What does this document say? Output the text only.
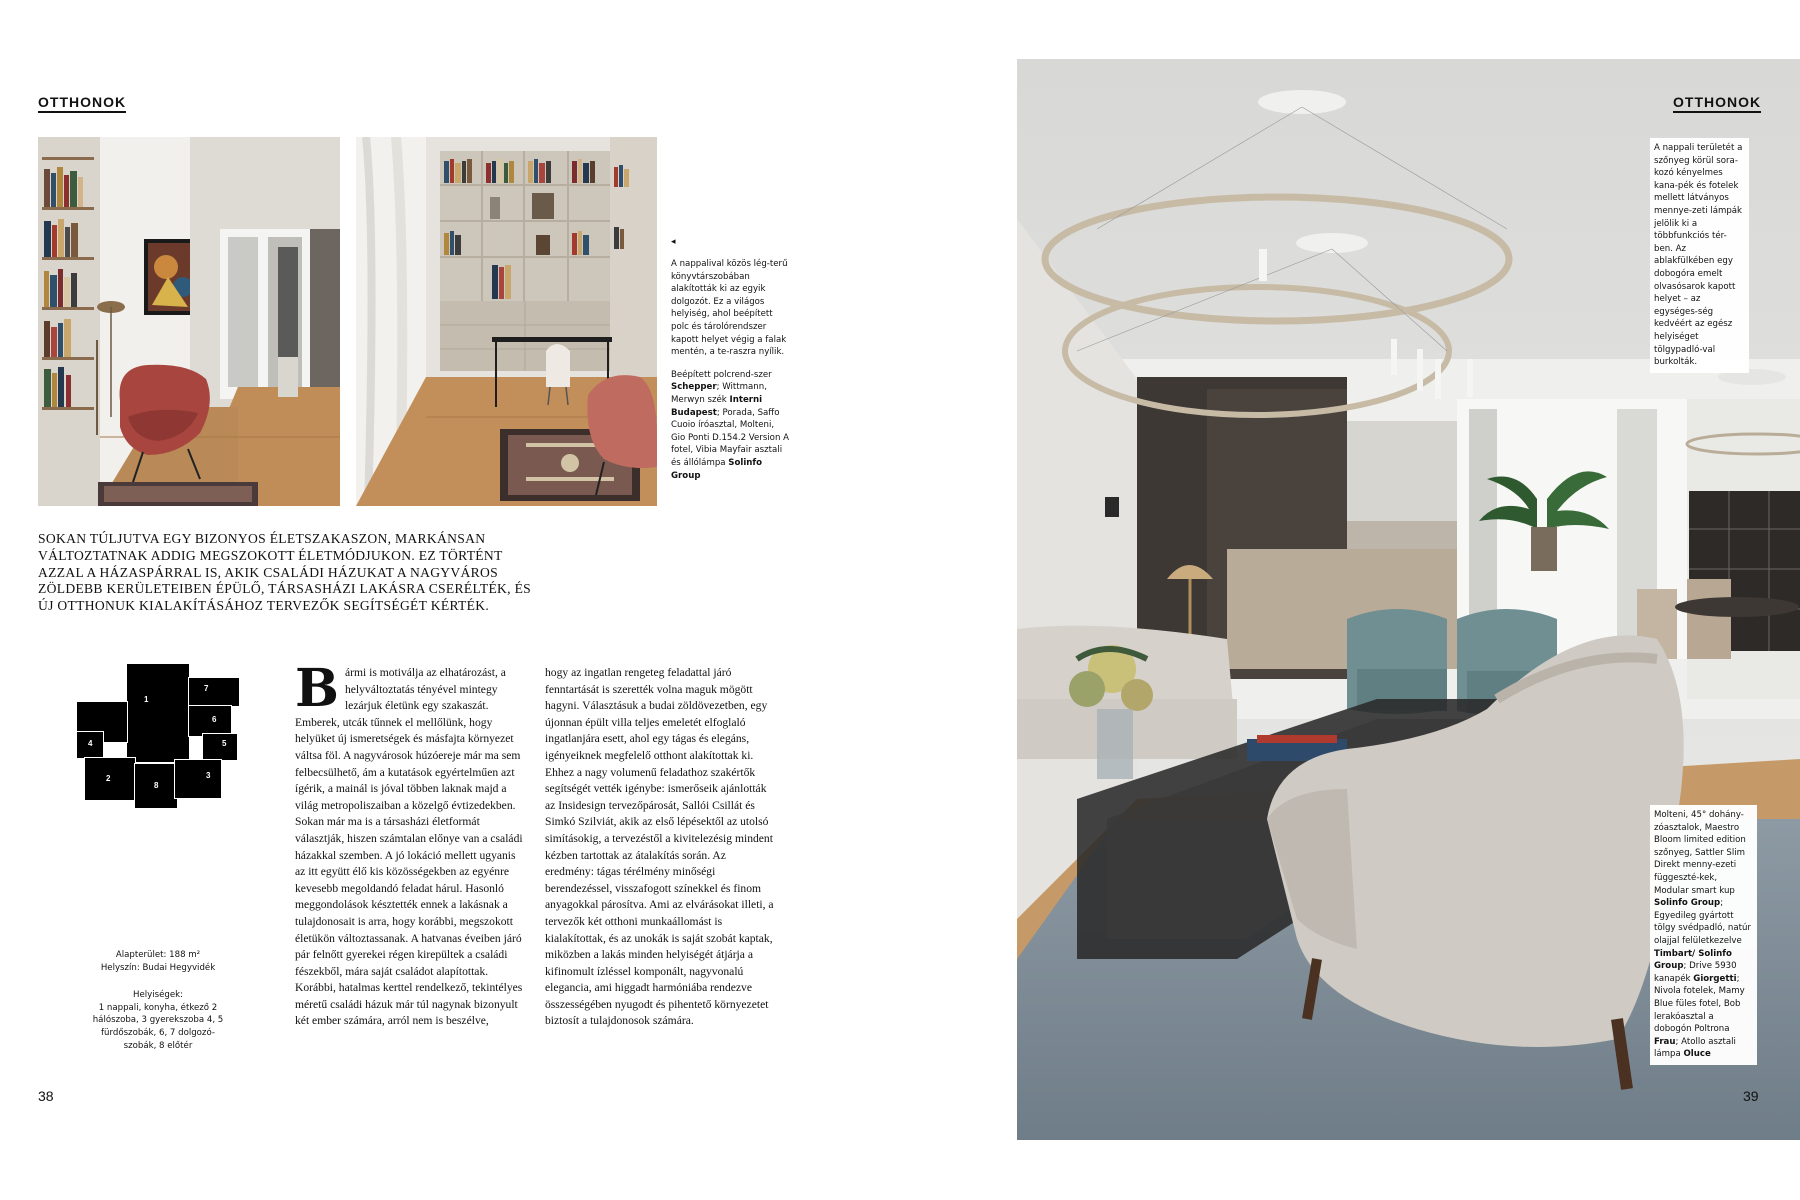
OTTHONOK
◂

A nappalival közös lég-terű könyvtárszobában alakították ki az egyik dolgozót. Ez a világos helyiség, ahol beépített polc és tárolórendszer kapott helyet végig a falak mentén, a te-raszra nyílik.

Beépített polcrend-szer Schepper; Wittmann, Merwyn szék Interni Budapest; Porada, Saffo Cuoio íróasztal, Molteni, Gio Ponti D.154.2 Version A fotel, Vibia Mayfair asztali és állólámpa Solinfo Group

SOKAN TÚLJUTVA EGY BIZONYOS ÉLETSZAKASZON, MARKÁNSAN VÁLTOZTATNAK ADDIG MEGSZOKOTT ÉLETMÓDJUKON. EZ TÖRTÉNT AZZAL A HÁZASPÁRRAL IS, AKIK CSALÁDI HÁZUKAT A NAGYVÁROS ZÖLDEBB KERÜLETEIBEN ÉPÜLŐ, TÁRSASHÁZI LAKÁSRA CSERÉLTÉK, ÉS ÚJ OTTHONUK KIALAKÍTÁSÁHOZ TERVEZŐK SEGÍTSÉGÉT KÉRTÉK.
1
2	3
4	5
6
7
8
Bármi is motiválja az elhatározást, a helyváltoztatás tényével mintegy lezárjuk életünk egy szakaszát. Emberek, utcák tűnnek el mellőlünk, hogy helyüket új ismeretségek és másfajta környezet váltsa föl. A nagyvárosok húzóereje már ma sem felbecsülhető, ám a kutatások egyértelműen azt ígérik, a mainál is jóval többen laknak majd a világ metropoliszaiban a közelgő évtizedekben. Sokan már ma is a társasházi életformát választják, hiszen számtalan előnye van a családi házakkal szemben. A jó lokáció mellett ugyanis az itt együtt élő kis közösségekben az egyénre kevesebb megoldandó feladat hárul. Hasonló meggondolások késztették ennek a lakásnak a tulajdonosait is arra, hogy korábbi, megszokott életükön változtassanak. A hatvanas éveiben járó pár felnőtt gyerekei régen kirepültek a családi fészekből, mára saját családot alapítottak. Korábbi, hatalmas kerttel rendelkező, tekintélyes méretű családi házuk már túl nagynak bizonyult két ember számára, arról nem is beszélve,
hogy az ingatlan rengeteg feladattal járó fenntartását is szerették volna maguk mögött hagyni. Választásuk a budai zöldövezetben, egy újonnan épült villa teljes emeletét elfoglaló ingatlanjára esett, ahol egy tágas és elegáns, igényeiknek megfelelő otthont alakítottak ki. Ehhez a nagy volumenű feladathoz szakértők segítségét vették igénybe: ismerőseik ajánlották az Insidesign tervezőpárosát, Sallói Csillát és Simkó Szilviát, akik az első lépésektől az utolsó simításokig, a tervezéstől a kivitelezésig mindent kézben tartottak az átalakítás során. Az eredmény: tágas térélmény minőségi berendezéssel, visszafogott színekkel és finom anyagokkal párosítva. Ami az elvárásokat illeti, a tervezők két otthoni munkaállomást is kialakítottak, és az unokák is saját szobát kaptak, miközben a lakás minden helyiségét átjárja a kifinomult ízléssel komponált, nagyvonalú elegancia, ami higgadt harmóniába rendezve összességében nyugodt és pihentető környezetet biztosít a tulajdonosok számára.
Alapterület: 188 m²
Helyszín: Budai Hegyvidék
Helyiségek:
1 nappali, konyha, étkező 2 hálószoba, 3 gyerekszoba 4, 5 fürdőszobák, 6, 7 dolgozó-szobák, 8 előtér
38
OTTHONOK
A nappali területét a szőnyeg körül sora-kozó kényelmes kana-pék és fotelek mellett látványos mennye-zeti lámpák jelölik ki a többfunkciós tér-ben. Az ablakfülkében egy dobogóra emelt olvasósarok kapott helyet – az egységes-ség kedvéért az egész helyiséget tölgypadló-val burkolták.
Molteni, 45° dohány-zóasztalok, Maestro Bloom limited edition szőnyeg, Sattler Slim Direkt menny-ezeti függeszté-kek, Modular smart kup Solinfo Group; Egyedileg gyártott tölgy svédpadló, natúr olajjal felületkezelve Timbart/ Solinfo Group; Drive 5930 kanapék Giorgetti; Nivola fotelek, Mamy Blue füles fotel, Bob lerakóasztal a dobogón Poltrona Frau; Atollo asztali lámpa Oluce
39
